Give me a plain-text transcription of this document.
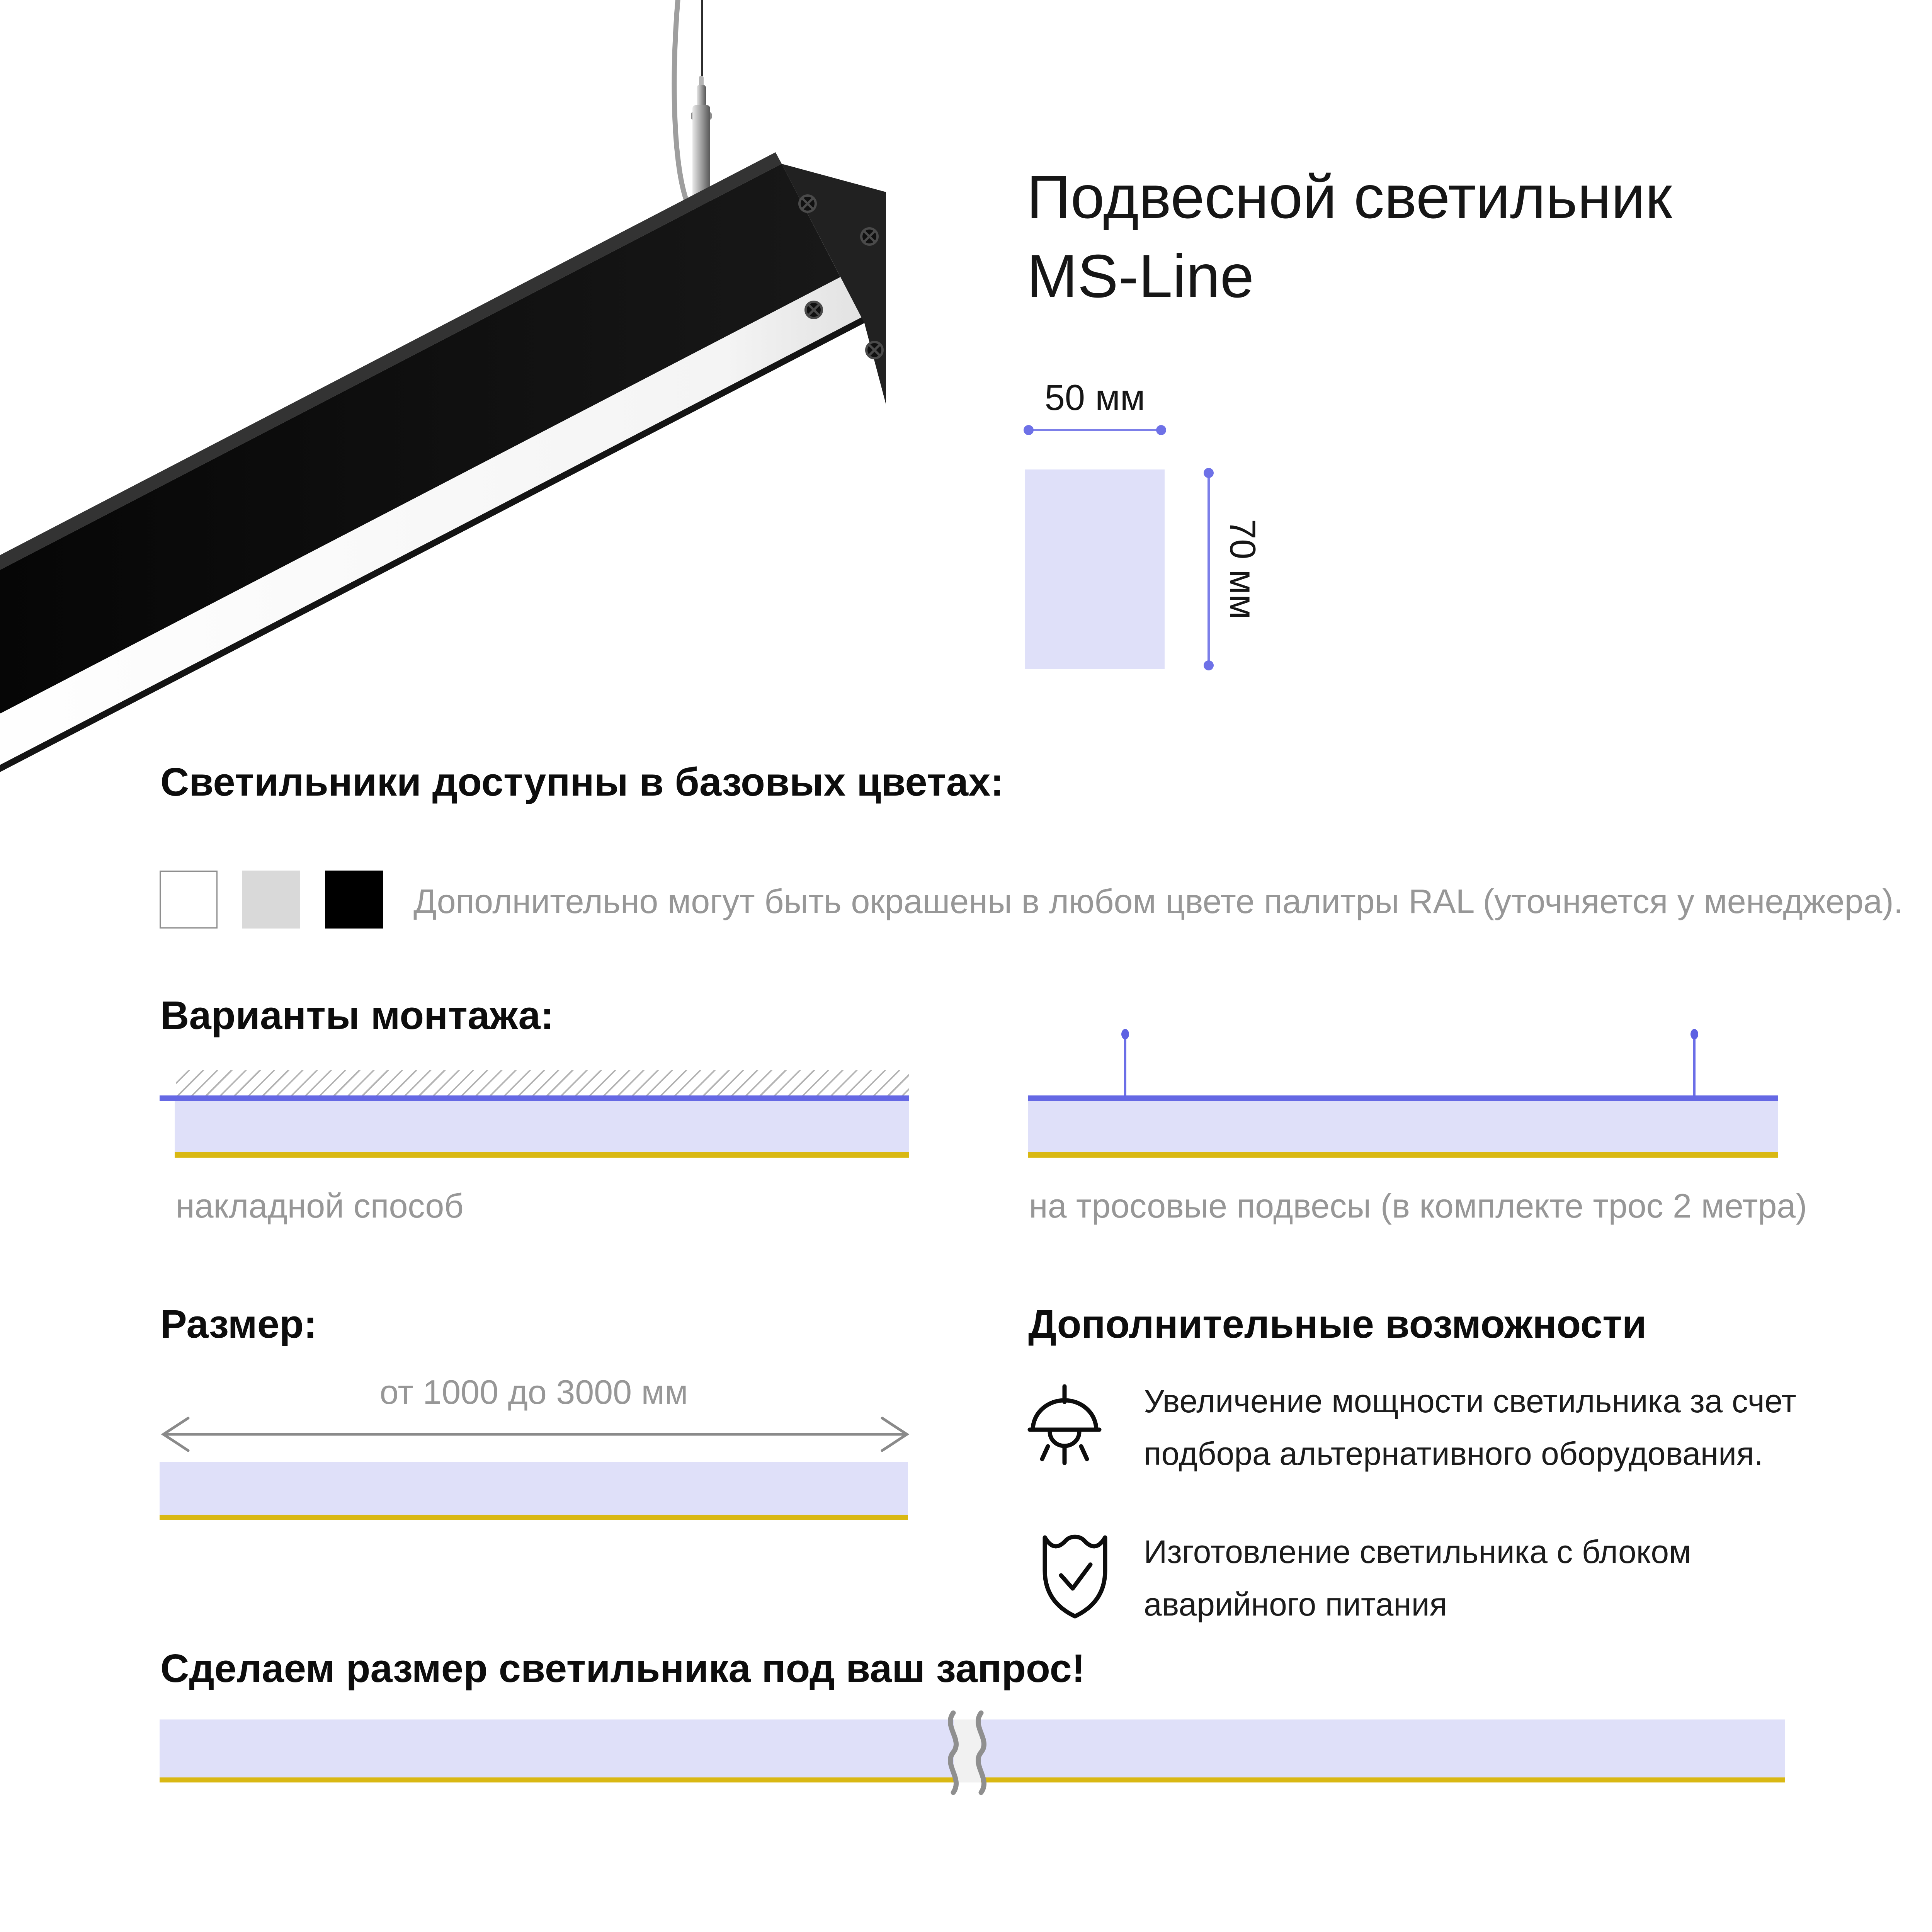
Подвесной светильник
MS-Line
50 мм
70 мм
Светильники доступны в базовых цветах:
Дополнительно могут быть окрашены в любом цвете палитры RAL (уточняется у менеджера).
Варианты монтажа:
накладной способ	на тросовые подвесы (в комплекте трос 2 метра)
Размер:
от 1000 до 3000 мм
Дополнительные возможности
Увеличение мощности светильника за счет подбора альтернативного оборудования.
Изготовление светильника с блоком аварийного питания
Сделаем размер светильника под ваш запрос!
